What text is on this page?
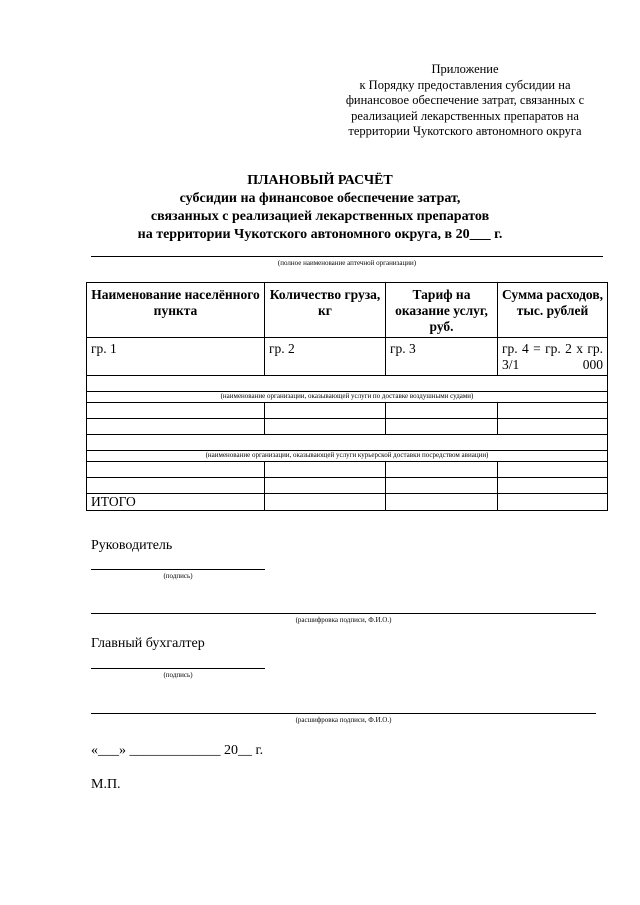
Приложение
к Порядку предоставления субсидии на
финансовое обеспечение затрат, связанных с
реализацией лекарственных препаратов на
территории Чукотского автономного округа
ПЛАНОВЫЙ РАСЧЁТ
субсидии на финансовое обеспечение затрат,
связанных с реализацией лекарственных препаратов
на территории Чукотского автономного округа, в 20___ г.
(полное наименование аптечной организации)
Наименование населённого пункта	Количество груза, кг	Тариф на оказание услуг, руб.	Сумма расходов, тыс. рублей
гр. 1	гр. 2	гр. 3	гр. 4 = гр. 2 х гр. 3/1 000

(наименование организации, оказывающей услуги по доставке воздушными судами)			

(наименование организации, оказывающей услуги курьерской доставки посредством авиации)			

ИТОГО			
Руководитель
(подпись)
(расшифровка подписи, Ф.И.О.)
Главный бухгалтер
(подпись)
(расшифровка подписи, Ф.И.О.)
«___» _____________ 20__ г.
М.П.
